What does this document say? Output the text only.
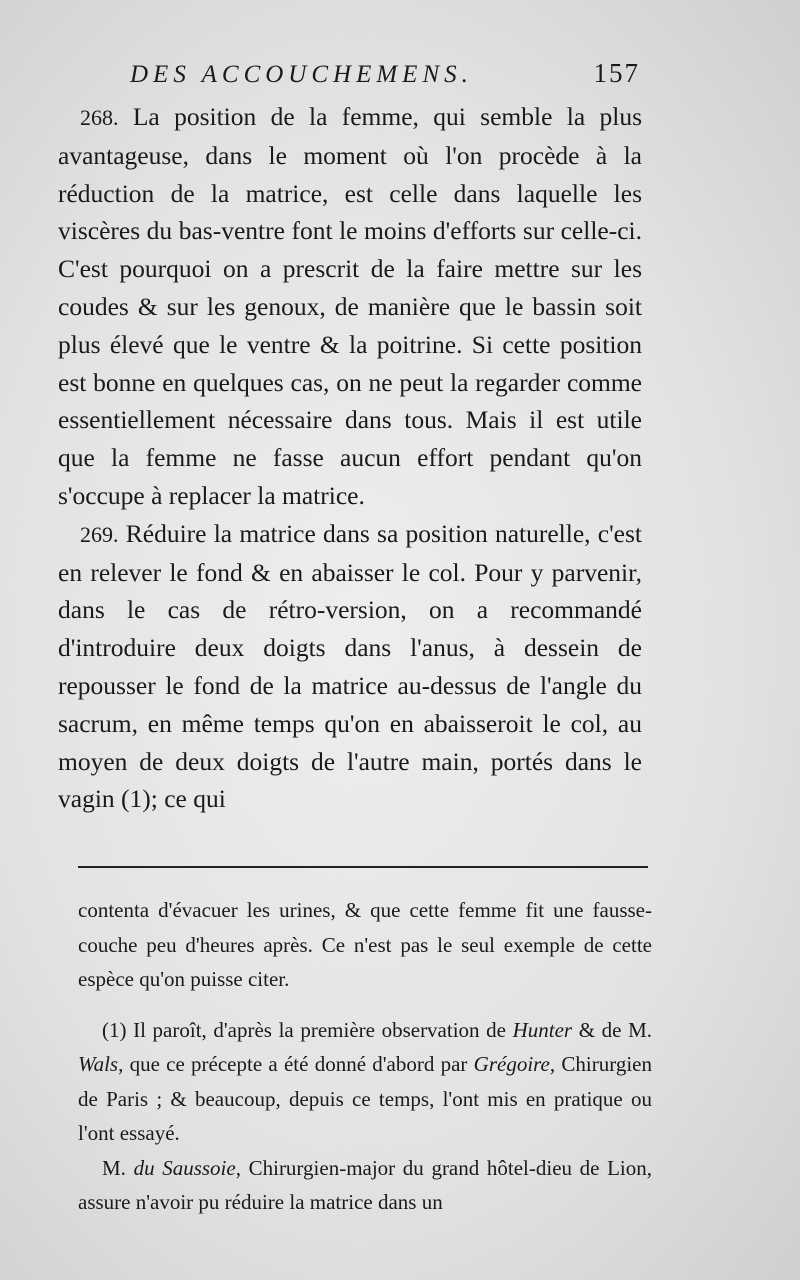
DES ACCOUCHEMENS.	157

268. La position de la femme, qui semble la plus avantageuse, dans le moment où l'on procède à la réduction de la matrice, est celle dans laquelle les viscères du bas-ventre font le moins d'efforts sur celle-ci. C'est pourquoi on a prescrit de la faire mettre sur les coudes & sur les genoux, de manière que le bassin soit plus élevé que le ventre & la poitrine. Si cette position est bonne en quelques cas, on ne peut la regarder comme essentiellement nécessaire dans tous. Mais il est utile que la femme ne fasse aucun effort pendant qu'on s'occupe à replacer la matrice.

269. Réduire la matrice dans sa position naturelle, c'est en relever le fond & en abaisser le col. Pour y parvenir, dans le cas de rétro-version, on a recommandé d'introduire deux doigts dans l'anus, à dessein de repousser le fond de la matrice au-dessus de l'angle du sacrum, en même temps qu'on en abaisseroit le col, au moyen de deux doigts de l'autre main, portés dans le vagin (1); ce qui

contenta d'évacuer les urines, & que cette femme fit une fausse-couche peu d'heures après. Ce n'est pas le seul exemple de cette espèce qu'on puisse citer.

(1) Il paroît, d'après la première observation de Hunter & de M. Wals, que ce précepte a été donné d'abord par Grégoire, Chirurgien de Paris ; & beaucoup, depuis ce temps, l'ont mis en pratique ou l'ont essayé.

M. du Saussoie, Chirurgien-major du grand hôtel-dieu de Lion, assure n'avoir pu réduire la matrice dans un
